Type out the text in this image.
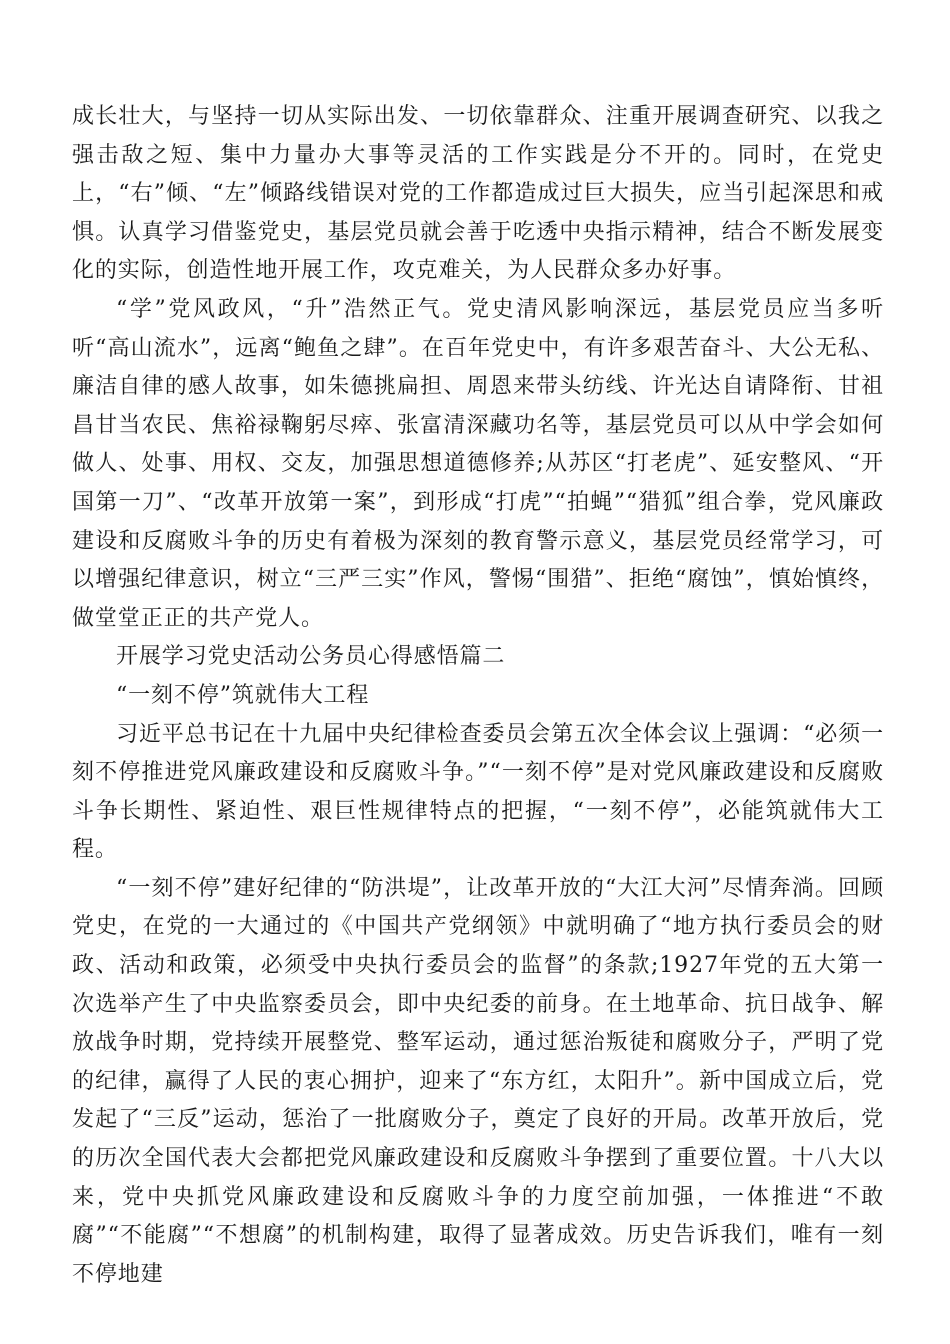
成长壮大，与坚持一切从实际出发、一切依靠群众、注重开展调查研究、以我之强击敌之短、集中力量办大事等灵活的工作实践是分不开的。同时，在党史上，“右”倾、“左”倾路线错误对党的工作都造成过巨大损失，应当引起深思和戒惧。认真学习借鉴党史，基层党员就会善于吃透中央指示精神，结合不断发展变化的实际，创造性地开展工作，攻克难关，为人民群众多办好事。

“学”党风政风，“升”浩然正气。党史清风影响深远，基层党员应当多听听“高山流水”，远离“鲍鱼之肆”。在百年党史中，有许多艰苦奋斗、大公无私、廉洁自律的感人故事，如朱德挑扁担、周恩来带头纺线、许光达自请降衔、甘祖昌甘当农民、焦裕禄鞠躬尽瘁、张富清深藏功名等，基层党员可以从中学会如何做人、处事、用权、交友，加强思想道德修养;从苏区“打老虎”、延安整风、“开国第一刀”、“改革开放第一案”，到形成“打虎”“拍蝇”“猎狐”组合拳，党风廉政建设和反腐败斗争的历史有着极为深刻的教育警示意义，基层党员经常学习，可以增强纪律意识，树立“三严三实”作风，警惕“围猎”、拒绝“腐蚀”，慎始慎终，做堂堂正正的共产党人。

开展学习党史活动公务员心得感悟篇二

“一刻不停”筑就伟大工程

习近平总书记在十九届中央纪律检查委员会第五次全体会议上强调：“必须一刻不停推进党风廉政建设和反腐败斗争。”“一刻不停”是对党风廉政建设和反腐败斗争长期性、紧迫性、艰巨性规律特点的把握，“一刻不停”，必能筑就伟大工程。

“一刻不停”建好纪律的“防洪堤”，让改革开放的“大江大河”尽情奔淌。回顾党史，在党的一大通过的《中国共产党纲领》中就明确了“地方执行委员会的财政、活动和政策，必须受中央执行委员会的监督”的条款;1927年党的五大第一次选举产生了中央监察委员会，即中央纪委的前身。在土地革命、抗日战争、解放战争时期，党持续开展整党、整军运动，通过惩治叛徒和腐败分子，严明了党的纪律，赢得了人民的衷心拥护，迎来了“东方红，太阳升”。新中国成立后，党发起了“三反”运动，惩治了一批腐败分子，奠定了良好的开局。改革开放后，党的历次全国代表大会都把党风廉政建设和反腐败斗争摆到了重要位置。十八大以来，党中央抓党风廉政建设和反腐败斗争的力度空前加强，一体推进“不敢腐”“不能腐”“不想腐”的机制构建，取得了显著成效。历史告诉我们，唯有一刻不停地建
